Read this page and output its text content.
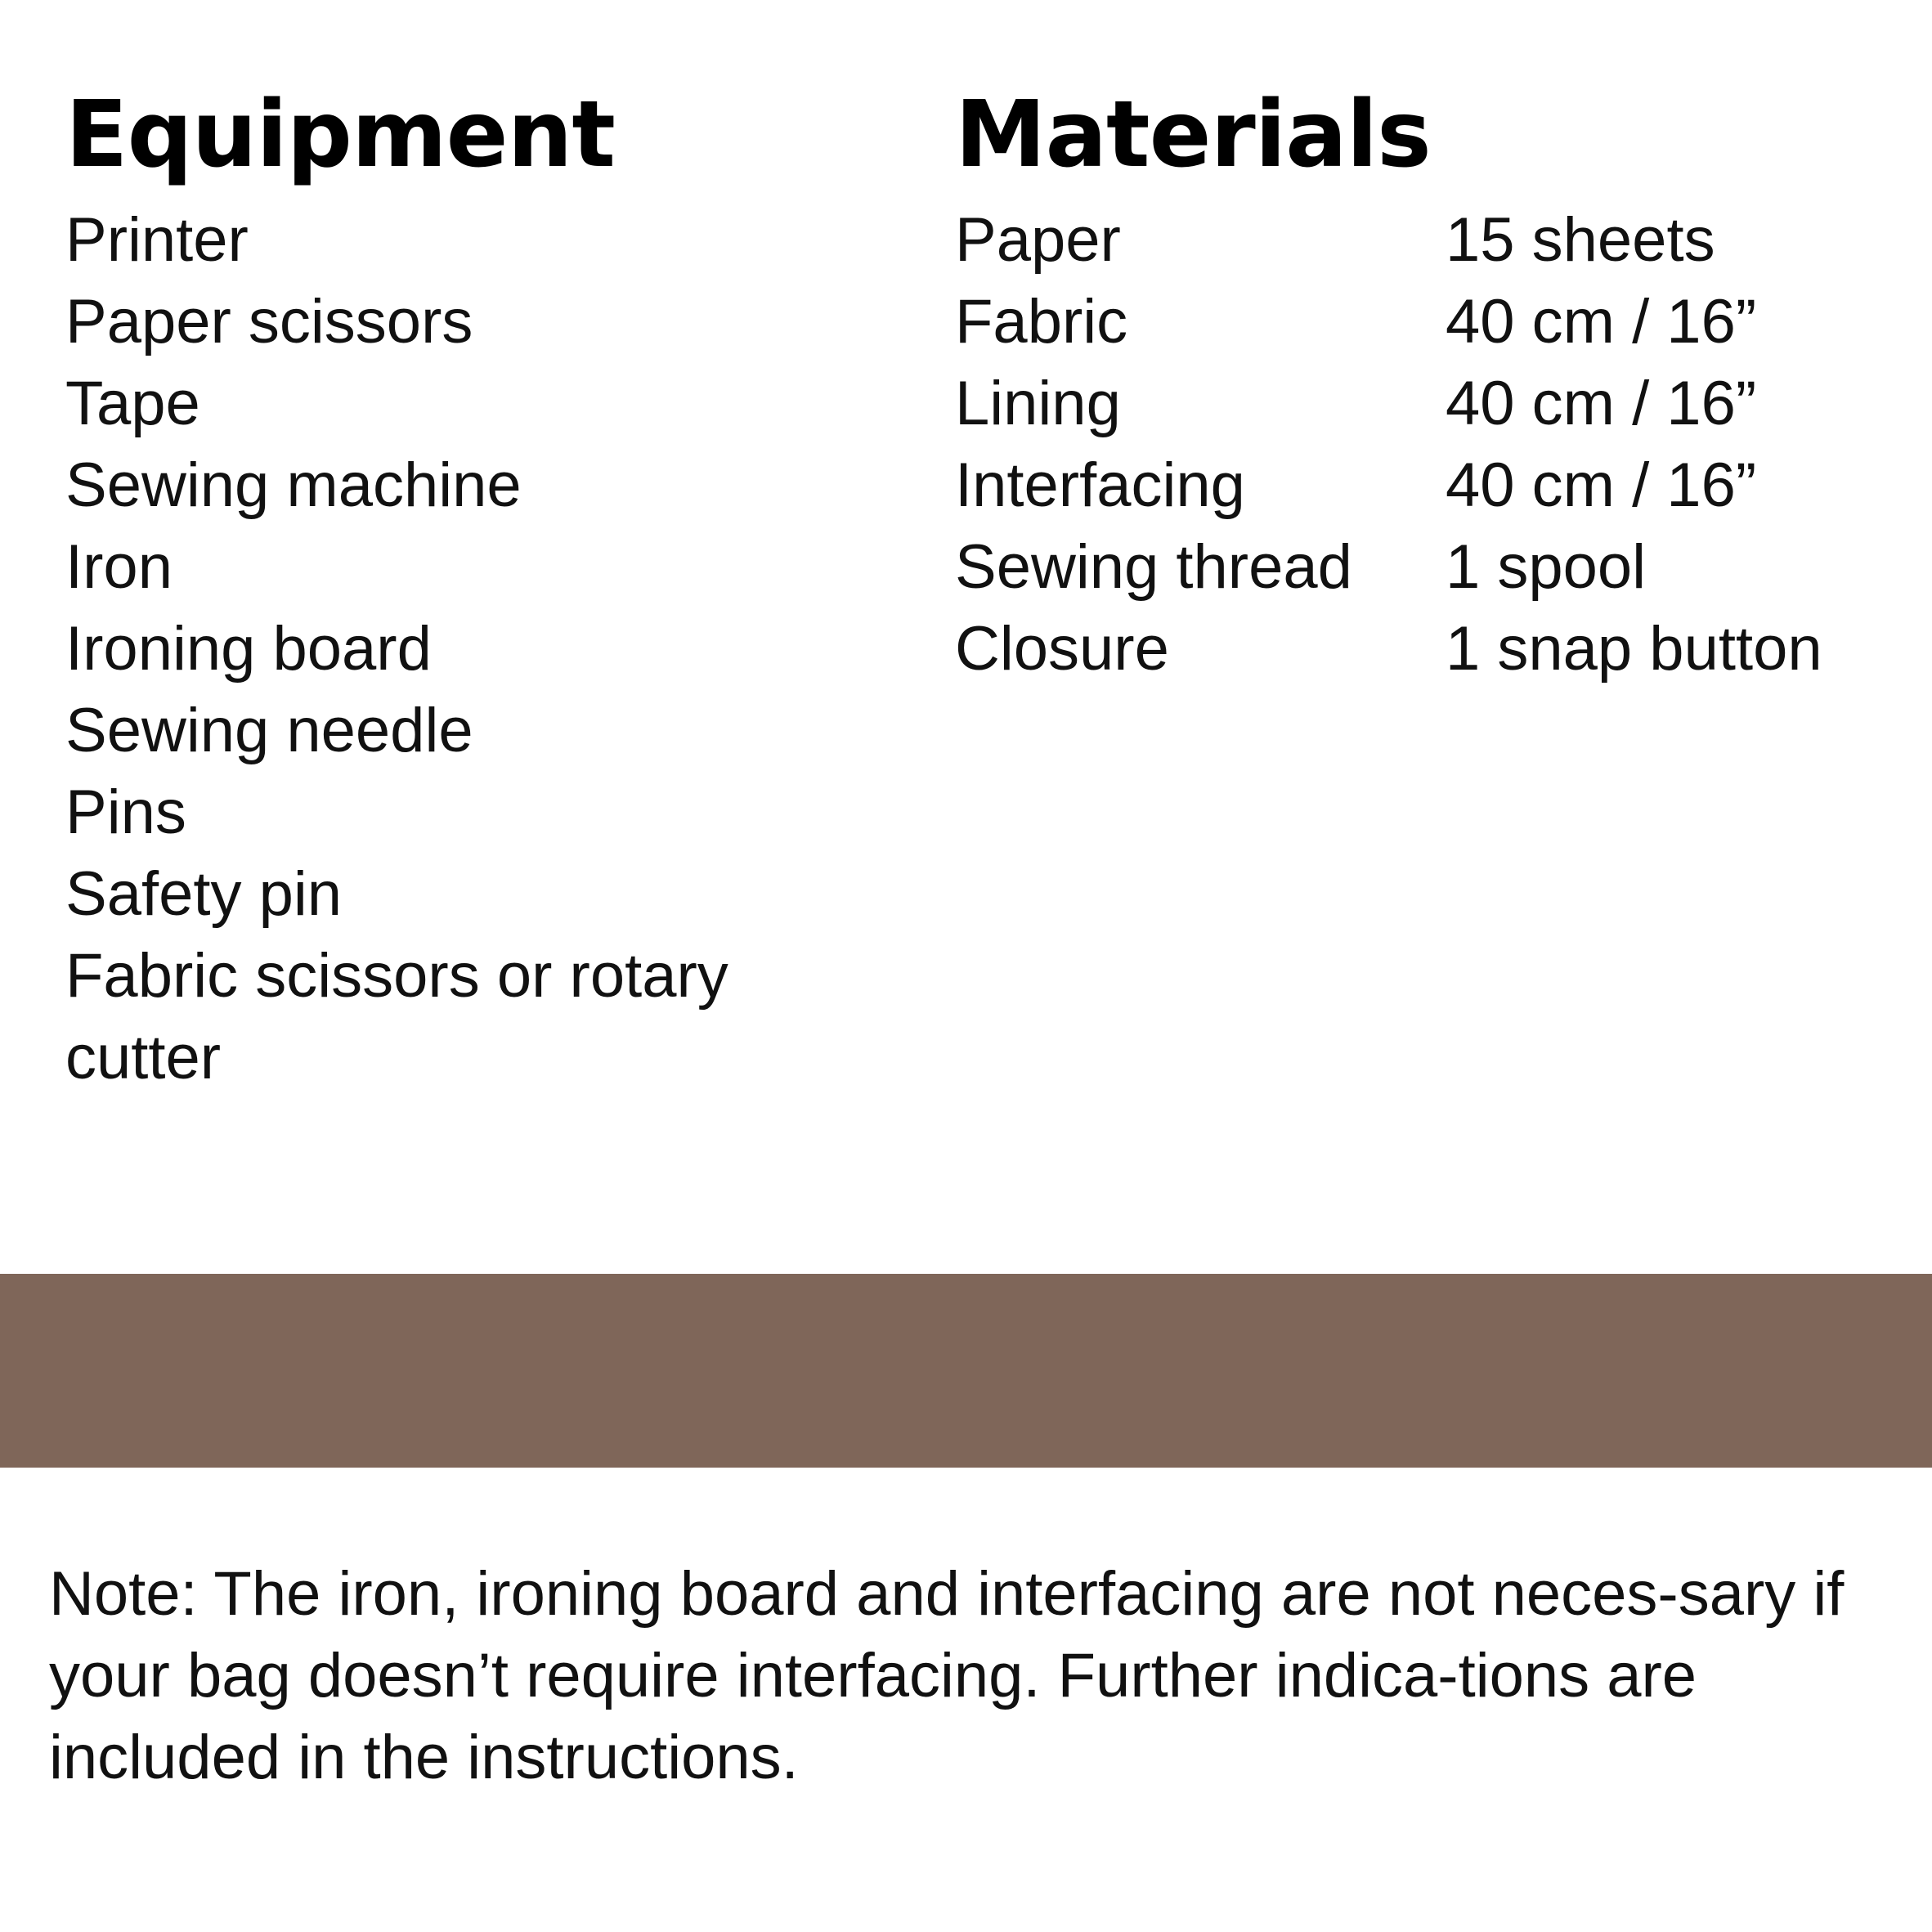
Equipment
Printer
Paper scissors
Tape
Sewing machine
Iron
Ironing board
Sewing needle
Pins
Safety pin
Fabric scissors or rotary
cutter
Materials
Paper	15 sheets
Fabric	40 cm / 16”
Lining	40 cm / 16”
Interfacing	40 cm / 16”
Sewing thread	1 spool
Closure	1 snap button

Note: The iron, ironing board and interfacing are not neces-sary if your bag doesn’t require interfacing. Further indica-tions are included in the instructions.
